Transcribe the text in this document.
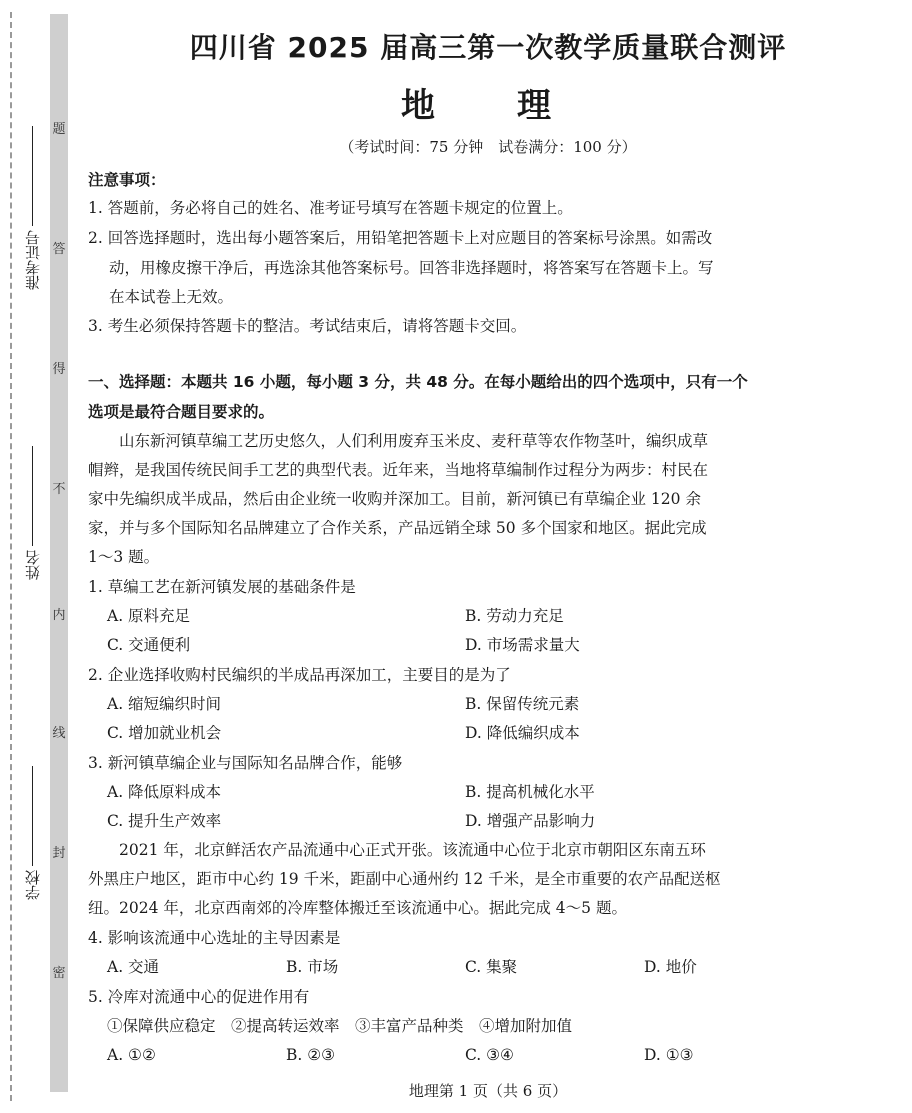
题
答
得
不
内
线
封
密
准考证号
姓名
学校
四川省 2025 届高三第一次教学质量联合测评
地　理
（考试时间：75 分钟　试卷满分：100 分）
注意事项：
1. 答题前，务必将自己的姓名、准考证号填写在答题卡规定的位置上。
2. 回答选择题时，选出每小题答案后，用铅笔把答题卡上对应题目的答案标号涂黑。如需改
动，用橡皮擦干净后，再选涂其他答案标号。回答非选择题时，将答案写在答题卡上。写
在本试卷上无效。
3. 考生必须保持答题卡的整洁。考试结束后，请将答题卡交回。
一、选择题：本题共 16 小题，每小题 3 分，共 48 分。在每小题给出的四个选项中，只有一个
选项是最符合题目要求的。
山东新河镇草编工艺历史悠久，人们利用废弃玉米皮、麦秆草等农作物茎叶，编织成草
帽辫，是我国传统民间手工艺的典型代表。近年来，当地将草编制作过程分为两步：村民在
家中先编织成半成品，然后由企业统一收购并深加工。目前，新河镇已有草编企业 120 余
家，并与多个国际知名品牌建立了合作关系，产品远销全球 50 多个国家和地区。据此完成
1～3 题。
1. 草编工艺在新河镇发展的基础条件是
A. 原料充足	B. 劳动力充足
C. 交通便利	D. 市场需求量大
2. 企业选择收购村民编织的半成品再深加工，主要目的是为了
A. 缩短编织时间	B. 保留传统元素
C. 增加就业机会	D. 降低编织成本
3. 新河镇草编企业与国际知名品牌合作，能够
A. 降低原料成本	B. 提高机械化水平
C. 提升生产效率	D. 增强产品影响力
2021 年，北京鲜活农产品流通中心正式开张。该流通中心位于北京市朝阳区东南五环
外黑庄户地区，距市中心约 19 千米，距副中心通州约 12 千米，是全市重要的农产品配送枢
纽。2024 年，北京西南郊的冷库整体搬迁至该流通中心。据此完成 4～5 题。
4. 影响该流通中心选址的主导因素是
A. 交通	B. 市场	C. 集聚	D. 地价
5. 冷库对流通中心的促进作用有
①保障供应稳定　②提高转运效率　③丰富产品种类　④增加附加值
A. ①②	B. ②③	C. ③④	D. ①③
地理第 1 页（共 6 页）
